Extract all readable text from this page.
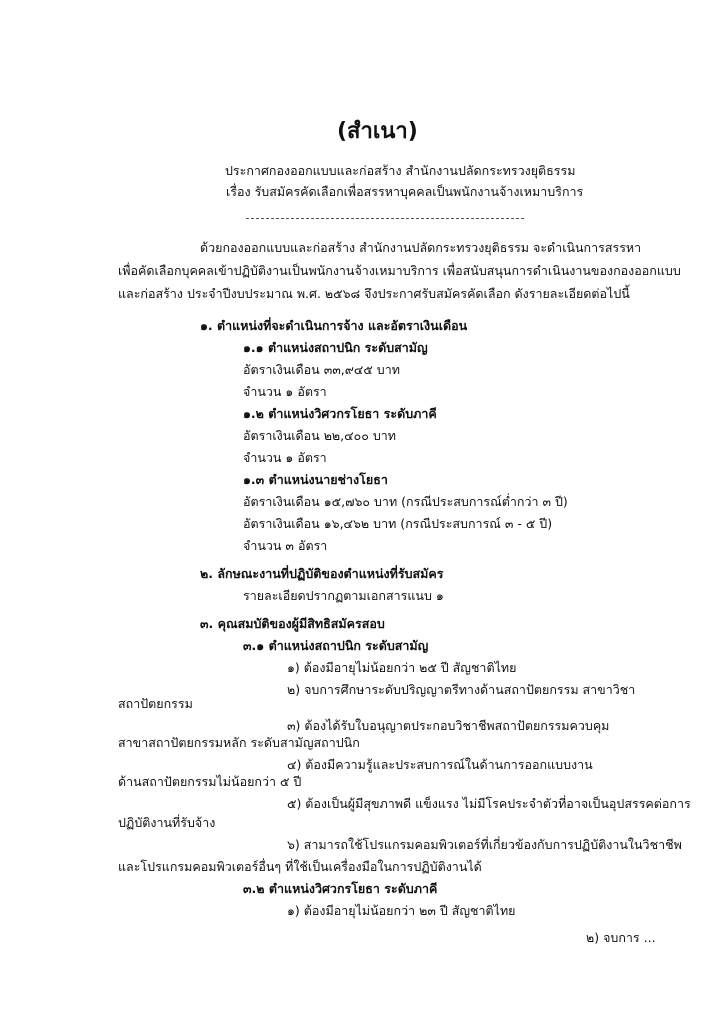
(สำเนา)
ประกาศกองออกแบบและก่อสร้าง สำนักงานปลัดกระทรวงยุติธรรม
เรื่อง รับสมัครคัดเลือกเพื่อสรรหาบุคคลเป็นพนักงานจ้างเหมาบริการ
ด้วยกองออกแบบและก่อสร้าง สำนักงานปลัดกระทรวงยุติธรรม จะดำเนินการสรรหา
เพื่อคัดเลือกบุคคลเข้าปฏิบัติงานเป็นพนักงานจ้างเหมาบริการ เพื่อสนับสนุนการดำเนินงานของกองออกแบบ
และก่อสร้าง ประจำปีงบประมาณ พ.ศ. ๒๕๖๘ จึงประกาศรับสมัครคัดเลือก ดังรายละเอียดต่อไปนี้
๑. ตำแหน่งที่จะดำเนินการจ้าง และอัตราเงินเดือน
๑.๑ ตำแหน่งสถาปนิก ระดับสามัญ
อัตราเงินเดือน ๓๓,๙๔๕ บาท
จำนวน ๑ อัตรา
๑.๒ ตำแหน่งวิศวกรโยธา ระดับภาคี
อัตราเงินเดือน ๒๒,๔๐๐ บาท
จำนวน ๑ อัตรา
๑.๓ ตำแหน่งนายช่างโยธา
อัตราเงินเดือน ๑๕,๗๖๐ บาท (กรณีประสบการณ์ต่ำกว่า ๓ ปี)
อัตราเงินเดือน ๑๖,๔๖๒ บาท (กรณีประสบการณ์ ๓ - ๕ ปี)
จำนวน ๓ อัตรา
๒. ลักษณะงานที่ปฏิบัติของตำแหน่งที่รับสมัคร
รายละเอียดปรากฏตามเอกสารแนบ ๑
๓. คุณสมบัติของผู้มีสิทธิสมัครสอบ
๓.๑ ตำแหน่งสถาปนิก ระดับสามัญ
๑) ต้องมีอายุไม่น้อยกว่า ๒๕ ปี สัญชาติไทย
๒) จบการศึกษาระดับปริญญาตรีทางด้านสถาปัตยกรรม สาขาวิชา
สถาปัตยกรรม
๓) ต้องได้รับใบอนุญาตประกอบวิชาชีพสถาปัตยกรรมควบคุม
สาขาสถาปัตยกรรมหลัก ระดับสามัญสถาปนิก
๔) ต้องมีความรู้และประสบการณ์ในด้านการออกแบบงาน
ด้านสถาปัตยกรรมไม่น้อยกว่า ๕ ปี
๕) ต้องเป็นผู้มีสุขภาพดี แข็งแรง ไม่มีโรคประจำตัวที่อาจเป็นอุปสรรคต่อการ
ปฏิบัติงานที่รับจ้าง
๖) สามารถใช้โปรแกรมคอมพิวเตอร์ที่เกี่ยวข้องกับการปฏิบัติงานในวิชาชีพ
และโปรแกรมคอมพิวเตอร์อื่นๆ ที่ใช้เป็นเครื่องมือในการปฏิบัติงานได้
๓.๒ ตำแหน่งวิศวกรโยธา ระดับภาคี
๑) ต้องมีอายุไม่น้อยกว่า ๒๓ ปี สัญชาติไทย
๒) จบการ ...
